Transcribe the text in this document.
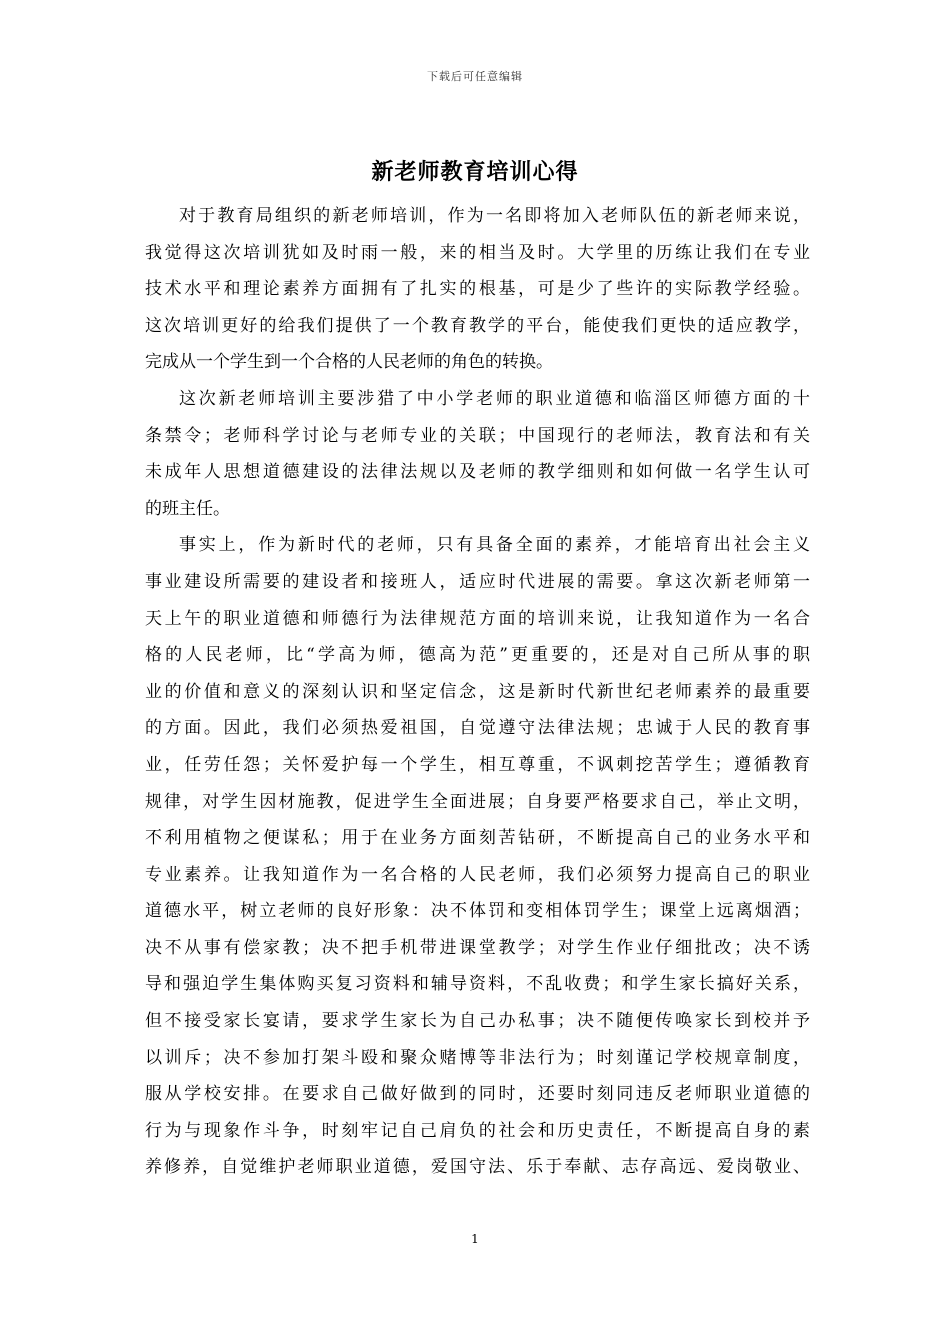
下载后可任意编辑
新老师教育培训心得
对于教育局组织的新老师培训，作为一名即将加入老师队伍的新老师来说，
我觉得这次培训犹如及时雨一般，来的相当及时。大学里的历练让我们在专业
技术水平和理论素养方面拥有了扎实的根基，可是少了些许的实际教学经验。
这次培训更好的给我们提供了一个教育教学的平台，能使我们更快的适应教学，
完成从一个学生到一个合格的人民老师的角色的转换。
这次新老师培训主要涉猎了中小学老师的职业道德和临淄区师德方面的十
条禁令；老师科学讨论与老师专业的关联；中国现行的老师法，教育法和有关
未成年人思想道德建设的法律法规以及老师的教学细则和如何做一名学生认可
的班主任。
事实上，作为新时代的老师，只有具备全面的素养，才能培育出社会主义
事业建设所需要的建设者和接班人，适应时代进展的需要。拿这次新老师第一
天上午的职业道德和师德行为法律规范方面的培训来说，让我知道作为一名合
格的人民老师，比“学高为师，德高为范”更重要的，还是对自己所从事的职
业的价值和意义的深刻认识和坚定信念，这是新时代新世纪老师素养的最重要
的方面。因此，我们必须热爱祖国，自觉遵守法律法规；忠诚于人民的教育事
业，任劳任怨；关怀爱护每一个学生，相互尊重，不讽刺挖苦学生；遵循教育
规律，对学生因材施教，促进学生全面进展；自身要严格要求自己，举止文明，
不利用植物之便谋私；用于在业务方面刻苦钻研，不断提高自己的业务水平和
专业素养。让我知道作为一名合格的人民老师，我们必须努力提高自己的职业
道德水平，树立老师的良好形象：决不体罚和变相体罚学生；课堂上远离烟酒；
决不从事有偿家教；决不把手机带进课堂教学；对学生作业仔细批改；决不诱
导和强迫学生集体购买复习资料和辅导资料，不乱收费；和学生家长搞好关系，
但不接受家长宴请，要求学生家长为自己办私事；决不随便传唤家长到校并予
以训斥；决不参加打架斗殴和聚众赌博等非法行为；时刻谨记学校规章制度，
服从学校安排。在要求自己做好做到的同时，还要时刻同违反老师职业道德的
行为与现象作斗争，时刻牢记自己肩负的社会和历史责任，不断提高自身的素
养修养，自觉维护老师职业道德，爱国守法、乐于奉献、志存高远、爱岗敬业、
1
